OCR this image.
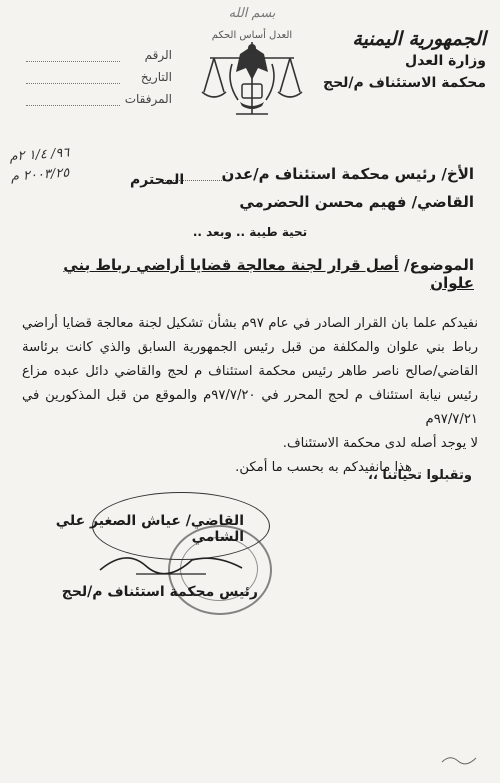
بسم الله
العدل أساس الحكم	الجمهورية اليمنية
وزارة العدل
محكمة الاستئناف م/لحج
الرقم
التاريخ
المرفقات
٩٦/ ١/٤ ٢م
٢٠٠٣/٢٥ م	المحترم	الأخ/ رئيس محكمة استئناف م/عدن
القاضي/ فهيم محسن الحضرمي
تحية طيبة .. وبعد ..
الموضوع/ أصل قرار لجنة معالجة قضايا أراضي رباط بني علوان

نفيدكم علما بان القرار الصادر في عام ٩٧م بشأن تشكيل لجنة معالجة قضايا أراضي رباط بني علوان والمكلفة من قبل رئيس الجمهورية السابق والذي كانت برئاسة القاضي/صالح ناصر طاهر رئيس محكمة استئناف م لحج والقاضي دائل عبده مزاع رئيس نيابة استئناف م لحج المحرر في ٩٧/٧/٢٠م والموقع من قبل المذكورين في ٩٧/٧/٢١م

لا يوجد أصله لدى محكمة الاستئناف.

هذا مانفيدكم به بحسب ما أمكن.

وتقبلوا تحياتنا ،،
القاضي/ عياش الصغير علي الشامي
رئيس محكمة استئناف م/لحج
